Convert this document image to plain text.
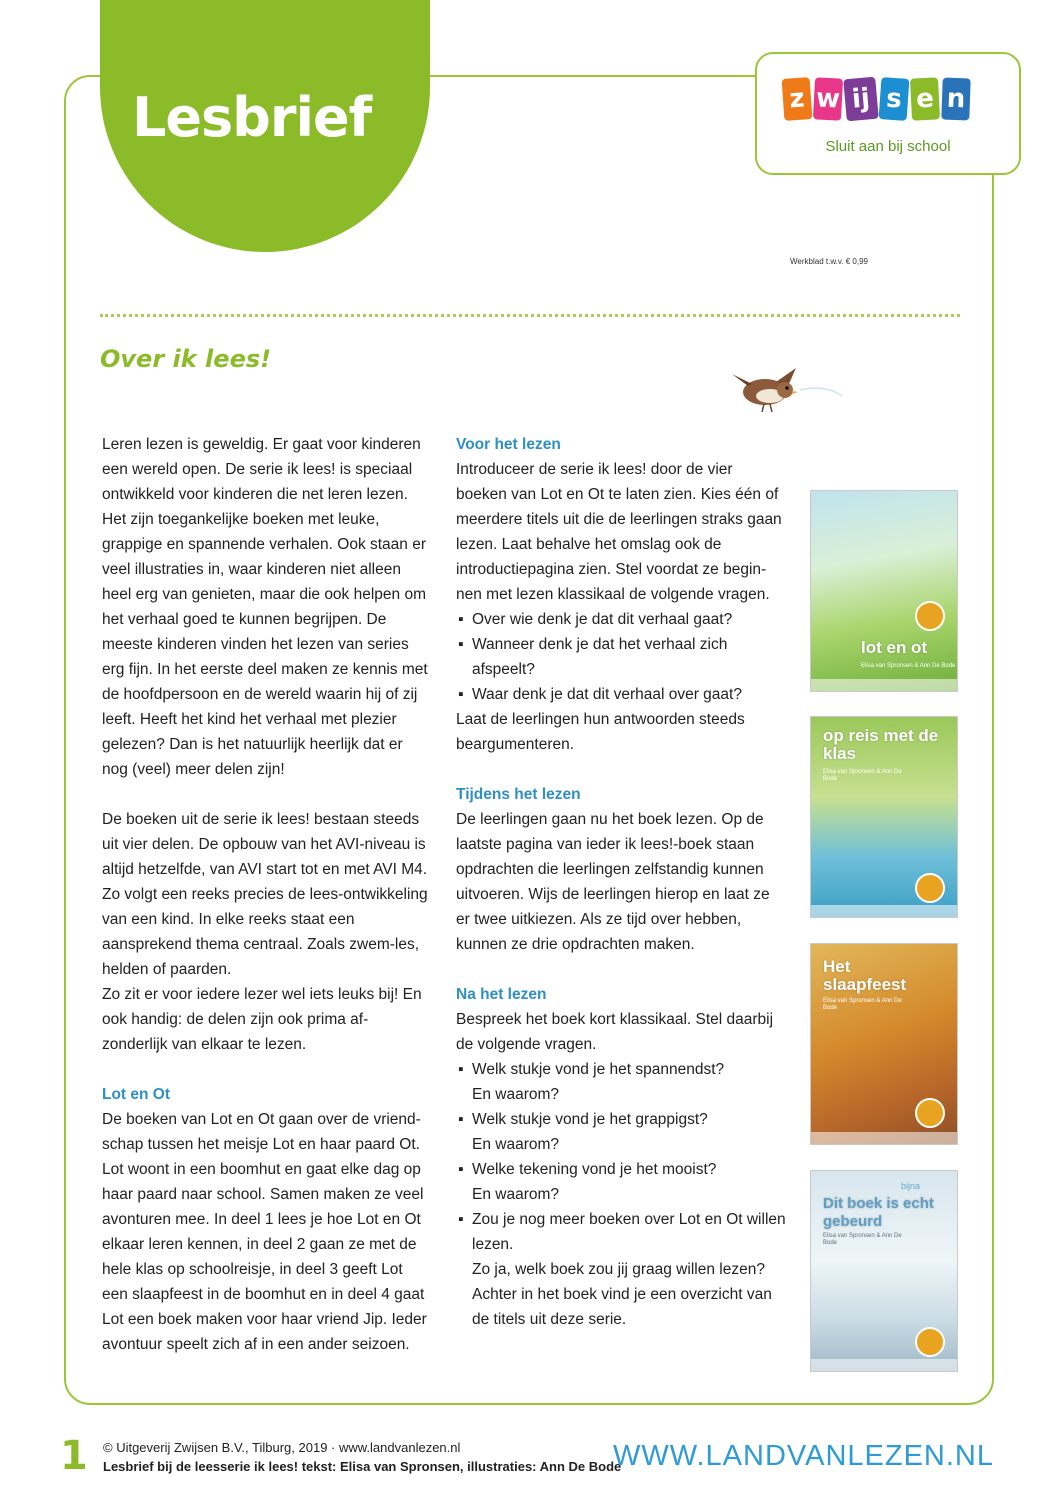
Lesbrief	z w ij s e n
Sluit aan bij school
Werkblad t.w.v. € 0,99
Over ik lees!

Leren lezen is geweldig. Er gaat voor kinderen een wereld open. De serie ik lees! is speciaal ontwikkeld voor kinderen die net leren lezen. Het zijn toegankelijke boeken met leuke, grappige en spannende verhalen. Ook staan er veel illustraties in, waar kinderen niet alleen heel erg van genieten, maar die ook helpen om het verhaal goed te kunnen begrijpen. De meeste kinderen vinden het lezen van series erg fijn. In het eerste deel maken ze kennis met de hoofdpersoon en de wereld waarin hij of zij leeft. Heeft het kind het verhaal met plezier gelezen? Dan is het natuurlijk heerlijk dat er nog (veel) meer delen zijn!

De boeken uit de serie ik lees! bestaan steeds uit vier delen. De opbouw van het AVI-niveau is altijd hetzelfde, van AVI start tot en met AVI M4. Zo volgt een reeks precies de lees-ontwikkeling van een kind. In elke reeks staat een aansprekend thema centraal. Zoals zwem-les, helden of paarden.

Zo zit er voor iedere lezer wel iets leuks bij! En ook handig: de delen zijn ook prima af-zonderlijk van elkaar te lezen.

Lot en Ot

De boeken van Lot en Ot gaan over de vriend-schap tussen het meisje Lot en haar paard Ot. Lot woont in een boomhut en gaat elke dag op haar paard naar school. Samen maken ze veel avonturen mee. In deel 1 lees je hoe Lot en Ot elkaar leren kennen, in deel 2 gaan ze met de hele klas op schoolreisje, in deel 3 geeft Lot een slaapfeest in de boomhut en in deel 4 gaat Lot een boek maken voor haar vriend Jip. Ieder avontuur speelt zich af in een ander seizoen.

Voor het lezen

Introduceer de serie ik lees! door de vier boeken van Lot en Ot te laten zien. Kies één of meerdere titels uit die de leerlingen straks gaan lezen. Laat behalve het omslag ook de introductiepagina zien. Stel voordat ze begin-nen met lezen klassikaal de volgende vragen.

▪ Over wie denk je dat dit verhaal gaat?
▪ Wanneer denk je dat het verhaal zich afspeelt?
▪ Waar denk je dat dit verhaal over gaat?

Laat de leerlingen hun antwoorden steeds beargumenteren.

Tijdens het lezen

De leerlingen gaan nu het boek lezen. Op de laatste pagina van ieder ik lees!-boek staan opdrachten die leerlingen zelfstandig kunnen uitvoeren. Wijs de leerlingen hierop en laat ze er twee uitkiezen. Als ze tijd over hebben, kunnen ze drie opdrachten maken.

Na het lezen

Bespreek het boek kort klassikaal. Stel daarbij de volgende vragen.

▪ Welk stukje vond je het spannendst?
En waarom?
▪ Welk stukje vond je het grappigst?
En waarom?
▪ Welke tekening vond je het mooist?
En waarom?
▪ Zou je nog meer boeken over Lot en Ot willen lezen.
Zo ja, welk boek zou jij graag willen lezen? Achter in het boek vind je een overzicht van de titels uit deze serie.
lot en ot
Elisa van Spronsen & Ann De Bode
op reis met de klas
Elisa van Spronsen & Ann De Bode
Het slaapfeest
Elisa van Spronsen & Ann De Bode
bijna
Dit boek is echt gebeurd
Elisa van Spronsen & Ann De Bode
1 © Uitgeverij Zwijsen B.V., Tilburg, 2019 · www.landvanlezen.nl
Lesbrief bij de leesserie ik lees! tekst: Elisa van Spronsen, illustraties: Ann De Bode
WWW.LANDVANLEZEN.NL
